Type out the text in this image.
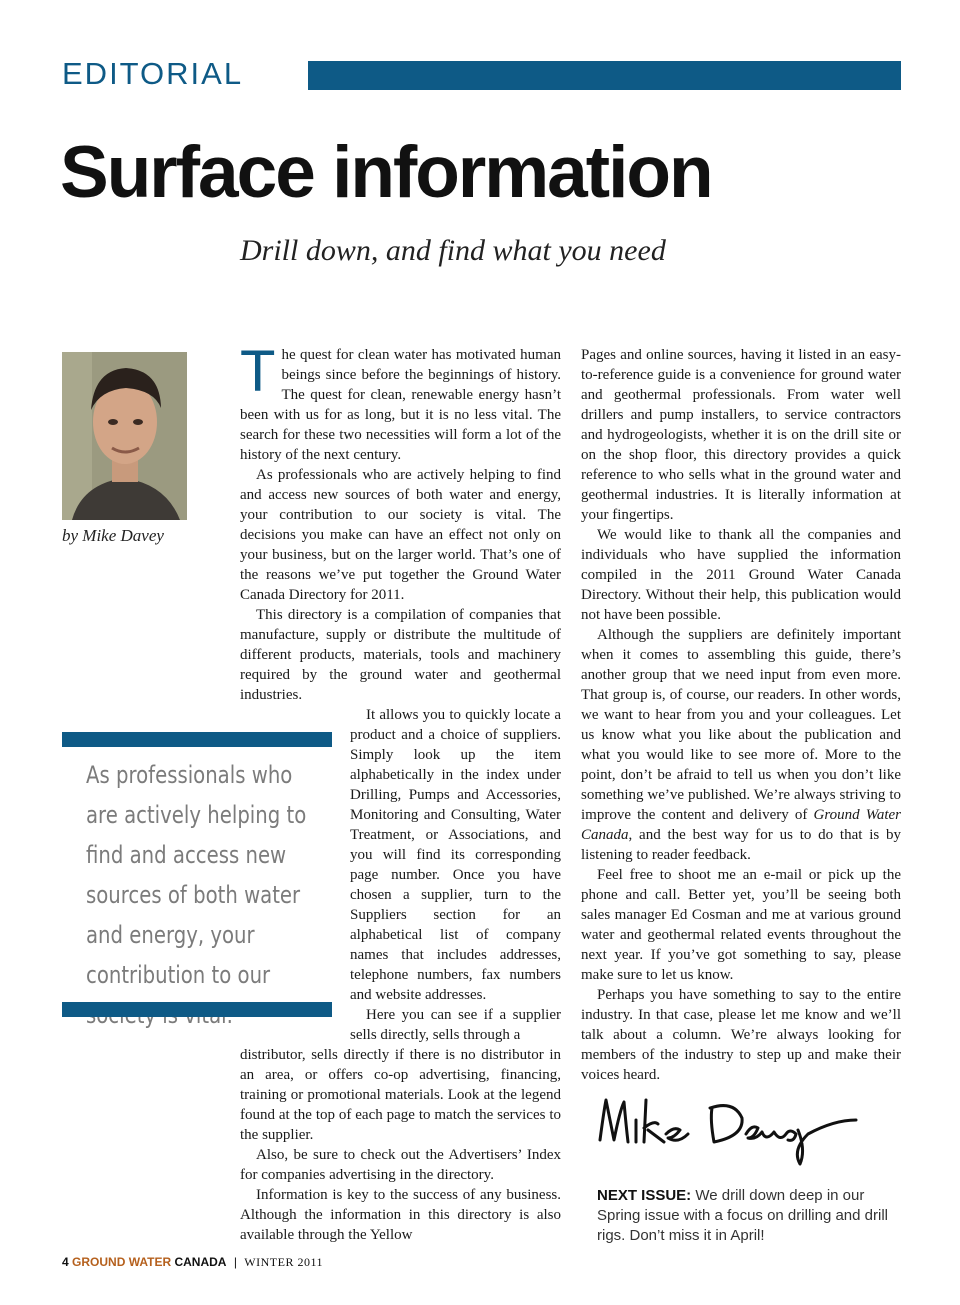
EDITORIAL
Surface information
Drill down, and find what you need
by Mike Davey

The quest for clean water has motivated human beings since before the beginnings of history. The quest for clean, renewable energy hasn’t been with us for as long, but it is no less vital. The search for these two necessities will form a lot of the history of the next century.

As professionals who are actively helping to find and access new sources of both water and energy, your contribution to our society is vital. The decisions you make can have an effect not only on your business, but on the larger world. That’s one of the reasons we’ve put together the Ground Water Canada Directory for 2011.

This directory is a compilation of companies that manufacture, supply or distribute the multitude of different products, materials, tools and machinery required by the ground water and geothermal industries.

It allows you to quickly locate a product and a choice of suppliers. Simply look up the item alphabetically in the index under Drilling, Pumps and Accessories, Monitoring and Consulting, Water Treatment, or Associations, and you will find its corresponding page number. Once you have chosen a supplier, turn to the Suppliers section for an alphabetical list of company names that includes addresses, telephone numbers, fax numbers and website addresses.

Here you can see if a supplier sells directly, sells through a

distributor, sells directly if there is no distributor in an area, or offers co-op advertising, financing, training or promotional materials. Look at the legend found at the top of each page to match the services to the supplier.

Also, be sure to check out the Advertisers’ Index for companies advertising in the directory.

Information is key to the success of any business. Although the information in this directory is also available through the Yellow

Pages and online sources, having it listed in an easy-to-reference guide is a convenience for ground water and geothermal professionals. From water well drillers and pump installers, to service contractors and hydrogeologists, whether it is on the drill site or on the shop floor, this directory provides a quick reference to who sells what in the ground water and geothermal industries. It is literally information at your fingertips.

We would like to thank all the companies and individuals who have supplied the information compiled in the 2011 Ground Water Canada Directory. Without their help, this publication would not have been possible.

Although the suppliers are definitely important when it comes to assembling this guide, there’s another group that we need input from even more. That group is, of course, our readers. In other words, we want to hear from you and your colleagues. Let us know what you like about the publication and what you would like to see more of. More to the point, don’t be afraid to tell us when you don’t like something we’ve published. We’re always striving to improve the content and delivery of Ground Water Canada, and the best way for us to do that is by listening to reader feedback.

Feel free to shoot me an e-mail or pick up the phone and call. Better yet, you’ll be seeing both sales manager Ed Cosman and me at various ground water and geothermal related events throughout the next year. If you’ve got something to say, please make sure to let us know.

Perhaps you have something to say to the entire industry. In that case, please let me know and we’ll talk about a column. We’re always looking for members of the industry to step up and make their voices heard.

As professionals who are actively helping to find and access new sources of both water and energy, your contribution to our
NEXT ISSUE: We drill down deep in our Spring issue with a focus on drilling and drill rigs. Don’t miss it in April!
4 GROUND WATER CANADA | WINTER 2011
